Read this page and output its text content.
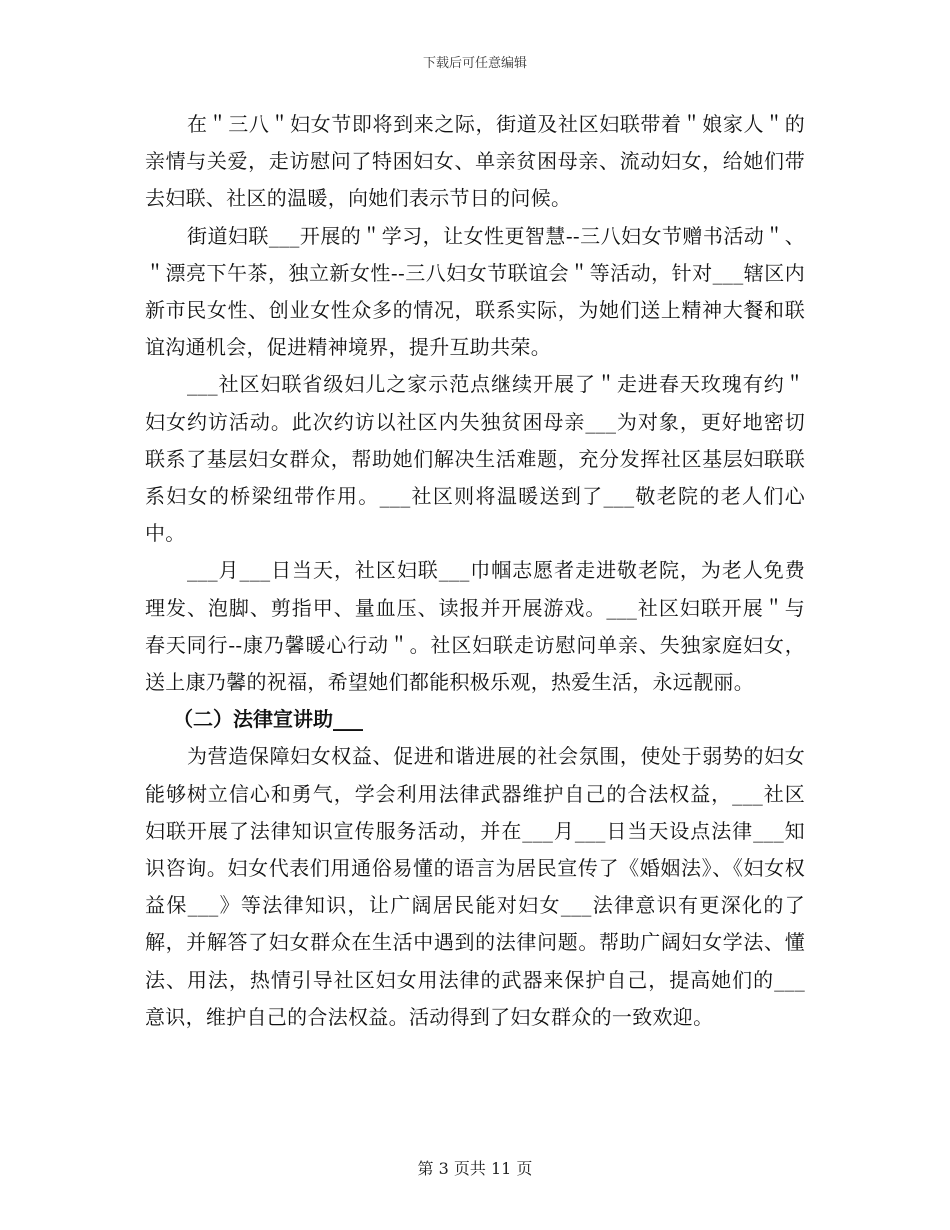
下载后可任意编辑

在＂三八＂妇女节即将到来之际，街道及社区妇联带着＂娘家人＂的亲情与关爱，走访慰问了特困妇女、单亲贫困母亲、流动妇女，给她们带去妇联、社区的温暖，向她们表示节日的问候。

街道妇联___开展的＂学习，让女性更智慧--三八妇女节赠书活动＂、＂漂亮下午茶，独立新女性--三八妇女节联谊会＂等活动，针对___辖区内新市民女性、创业女性众多的情况，联系实际，为她们送上精神大餐和联谊沟通机会，促进精神境界，提升互助共荣。

___社区妇联省级妇儿之家示范点继续开展了＂走进春天玫瑰有约＂妇女约访活动。此次约访以社区内失独贫困母亲___为对象，更好地密切联系了基层妇女群众，帮助她们解决生活难题，充分发挥社区基层妇联联系妇女的桥梁纽带作用。___社区则将温暖送到了___敬老院的老人们心中。

___月___日当天，社区妇联___巾帼志愿者走进敬老院，为老人免费理发、泡脚、剪指甲、量血压、读报并开展游戏。___社区妇联开展＂与春天同行--康乃馨暖心行动＂。社区妇联走访慰问单亲、失独家庭妇女，送上康乃馨的祝福，希望她们都能积极乐观，热爱生活，永远靓丽。

（二）法律宣讲助___

为营造保障妇女权益、促进和谐进展的社会氛围，使处于弱势的妇女能够树立信心和勇气，学会利用法律武器维护自己的合法权益，___社区妇联开展了法律知识宣传服务活动，并在___月___日当天设点法律___知识咨询。妇女代表们用通俗易懂的语言为居民宣传了《婚姻法》、《妇女权益保___》等法律知识，让广阔居民能对妇女___法律意识有更深化的了解，并解答了妇女群众在生活中遇到的法律问题。帮助广阔妇女学法、懂法、用法，热情引导社区妇女用法律的武器来保护自己，提高她们的___意识，维护自己的合法权益。活动得到了妇女群众的一致欢迎。

第 3 页共 11 页
